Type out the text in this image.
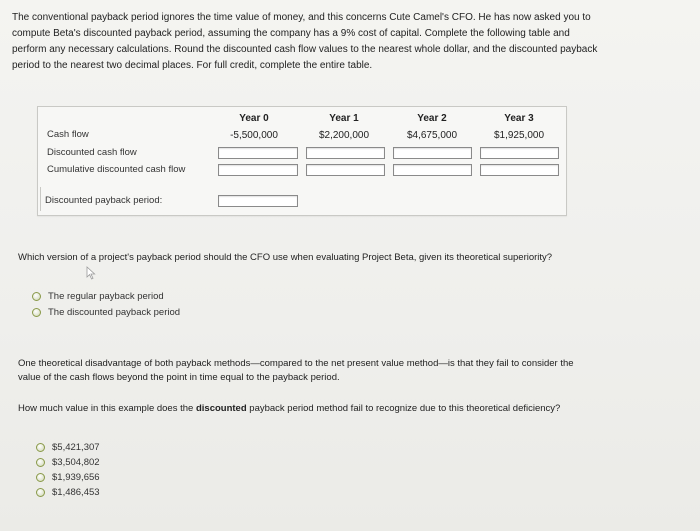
The conventional payback period ignores the time value of money, and this concerns Cute Camel's CFO. He has now asked you to compute Beta's discounted payback period, assuming the company has a 9% cost of capital. Complete the following table and perform any necessary calculations. Round the discounted cash flow values to the nearest whole dollar, and the discounted payback period to the nearest two decimal places. For full credit, complete the entire table.
Year 0	Year 1	Year 2	Year 3
Cash flow	-5,500,000	$2,200,000	$4,675,000	$1,925,000
Discounted cash flow
Cumulative discounted cash flow
Discounted payback period:
Which version of a project's payback period should the CFO use when evaluating Project Beta, given its theoretical superiority?
The regular payback period
The discounted payback period
One theoretical disadvantage of both payback methods—compared to the net present value method—is that they fail to consider the value of the cash flows beyond the point in time equal to the payback period.
How much value in this example does the discounted payback period method fail to recognize due to this theoretical deficiency?
$5,421,307
$3,504,802
$1,939,656
$1,486,453
